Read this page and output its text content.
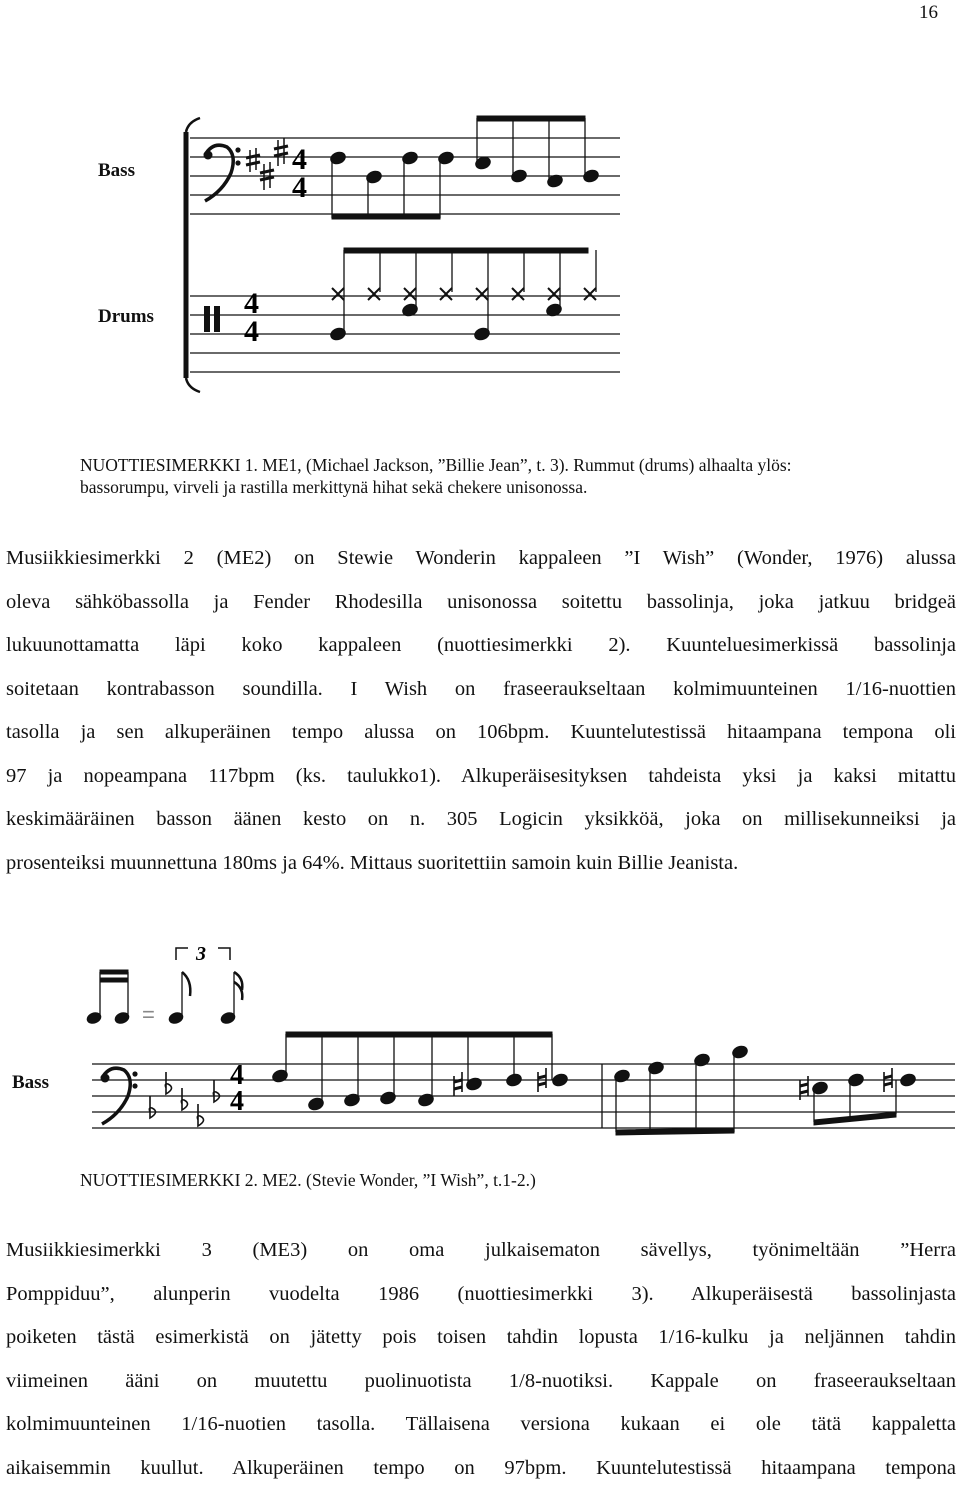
16
Bass
Drums
4
4
4
4
NUOTTIESIMERKKI 1. ME1, (Michael Jackson, ”Billie Jean”, t. 3). Rummut (drums) alhaalta ylös:
bassorumpu, virveli ja rastilla merkittynä hihat sekä chekere unisonossa.
Musiikkiesimerkki 2 (ME2) on Stewie Wonderin kappaleen ”I Wish” (Wonder, 1976) alussa
oleva sähköbassolla ja Fender Rhodesilla unisonossa soitettu bassolinja, joka jatkuu bridgeä
lukuunottamatta läpi koko kappaleen (nuottiesimerkki 2). Kuunteluesimerkissä bassolinja
soitetaan kontrabasson soundilla. I Wish on fraseeraukseltaan kolmimuunteinen 1/16-nuottien
tasolla ja sen alkuperäinen tempo alussa on 106bpm. Kuuntelutestissä hitaampana tempona oli
97 ja nopeampana 117bpm (ks. taulukko1). Alkuperäisesityksen tahdeista yksi ja kaksi mitattu
keskimääräinen basson äänen kesto on n. 305 Logicin yksikköä, joka on millisekunneiksi ja
prosenteiksi muunnettuna 180ms ja 64%. Mittaus suoritettiin samoin kuin Billie Jeanista.
3
=
Bass	4
4
NUOTTIESIMERKKI 2. ME2. (Stevie Wonder, ”I Wish”, t.1-2.)
Musiikkiesimerkki 3 (ME3) on oma julkaisematon sävellys, työnimeltään ”Herra
Pomppiduu”, alunperin vuodelta 1986 (nuottiesimerkki 3). Alkuperäisestä bassolinjasta
poiketen tästä esimerkistä on jätetty pois toisen tahdin lopusta 1/16-kulku ja neljännen tahdin
viimeinen ääni on muutettu puolinuotista 1/8-nuotiksi. Kappale on fraseeraukseltaan
kolmimuunteinen 1/16-nuotien tasolla. Tällaisena versiona kukaan ei ole tätä kappaletta
aikaisemmin kuullut. Alkuperäinen tempo on 97bpm. Kuuntelutestissä hitaampana tempona
